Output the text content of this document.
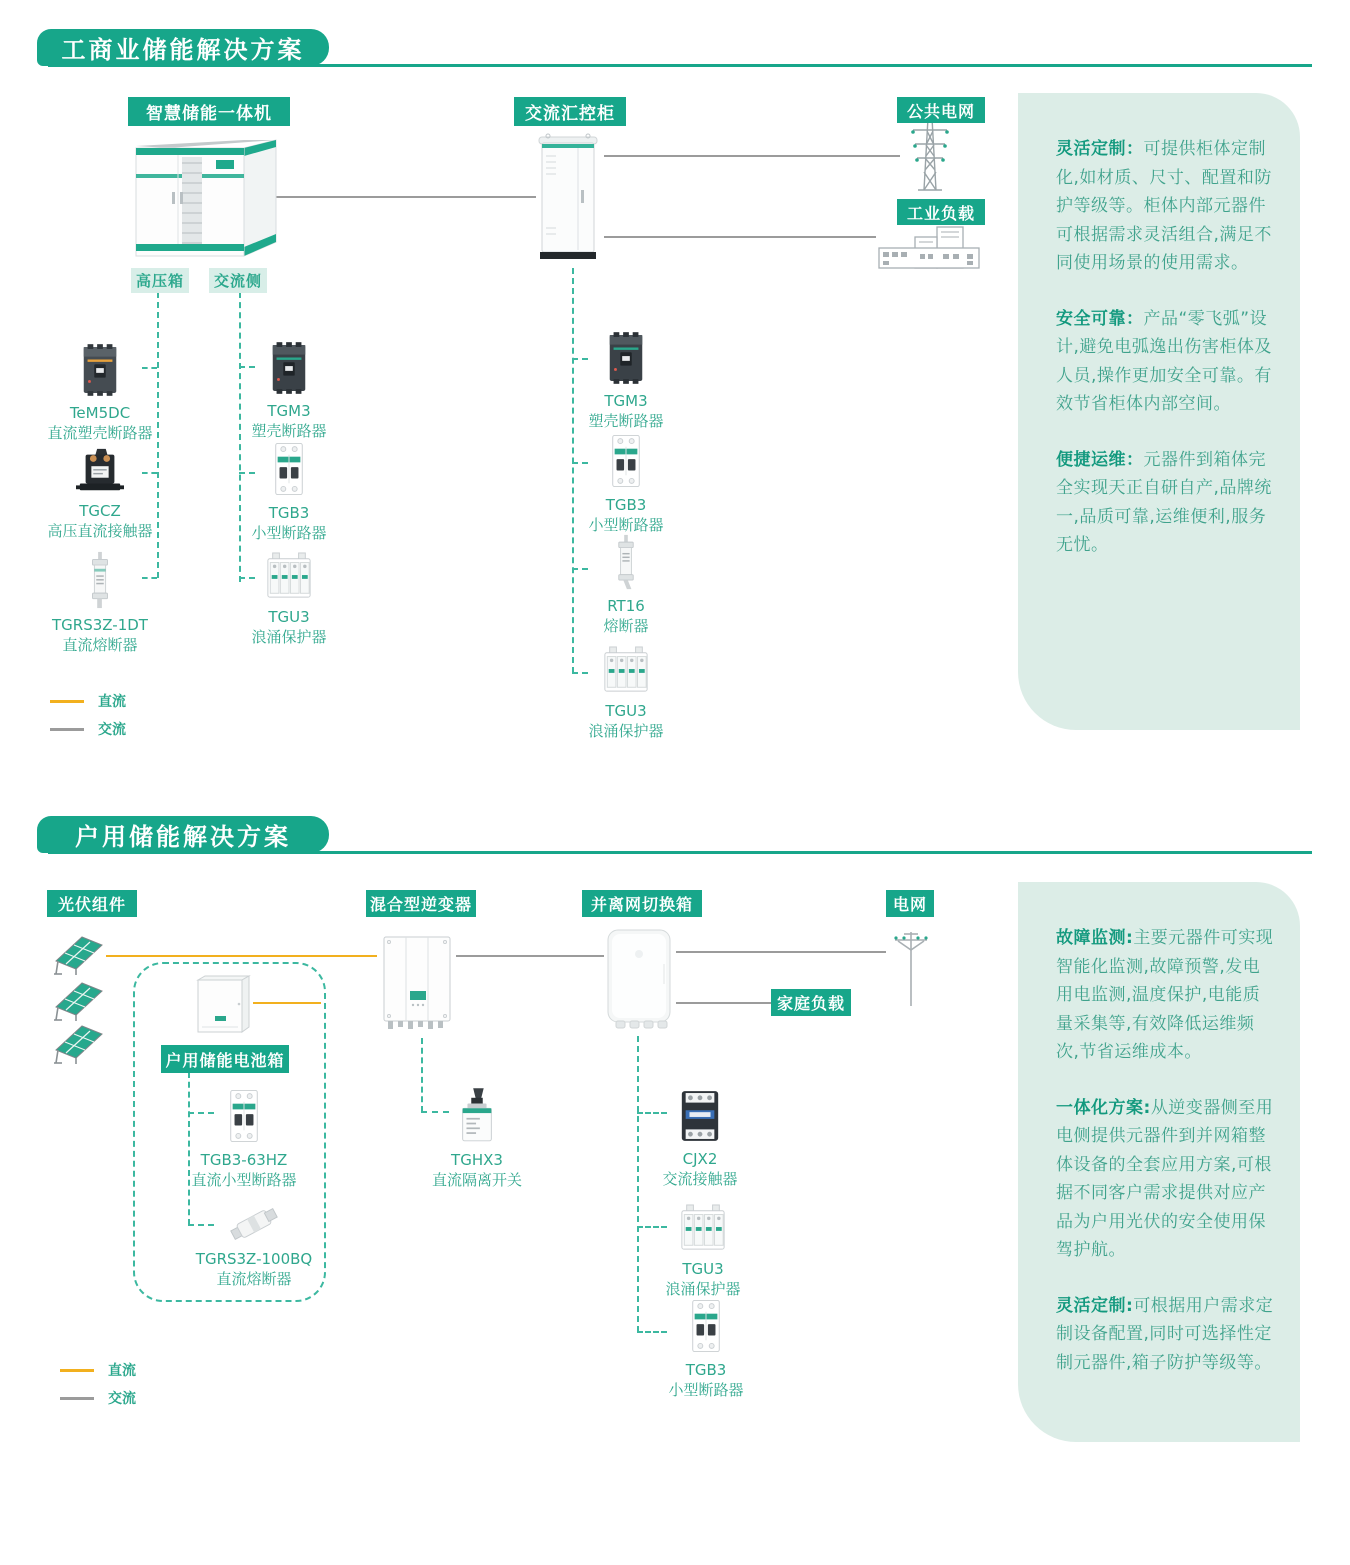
工商业储能解决方案

灵活定制：可提供柜体定制化,如材质、尺寸、配置和防护等级等。柜体内部元器件可根据需求灵活组合,满足不同使用场景的使用需求。

安全可靠：产品“零飞弧”设计,避免电弧逸出伤害柜体及人员,操作更加安全可靠。有效节省柜体内部空间。

便捷运维：元器件到箱体完全实现天正自研自产,品牌统一,品质可靠,运维便利,服务无忧。

智慧储能一体机	交流汇控柜	公共电网
工业负载
高压箱	交流侧
TeM5DC
直流塑壳断路器
TGCZ
高压直流接触器
TGRS3Z-1DT
直流熔断器
TGM3
塑壳断路器
TGB3
小型断路器
TGU3
浪涌保护器
TGM3
塑壳断路器
TGB3
小型断路器
RT16
熔断器
TGU3
浪涌保护器
直流
交流
户用储能解决方案

故障监测:主要元器件可实现智能化监测,故障预警,发电用电监测,温度保护,电能质量采集等,有效降低运维频次,节省运维成本。

一体化方案:从逆变器侧至用电侧提供元器件到并网箱整体设备的全套应用方案,可根据不同客户需求提供对应产品为户用光伏的安全使用保驾护航。

灵活定制:可根据用户需求定制设备配置,同时可选择性定制元器件,箱子防护等级等。

光伏组件	混合型逆变器	并离网切换箱	电网
家庭负载
户用储能电池箱
TGB3-63HZ
直流小型断路器
TGRS3Z-100BQ
直流熔断器
TGHX3
直流隔离开关
CJX2
交流接触器
TGU3
浪涌保护器
TGB3
小型断路器
直流
交流
